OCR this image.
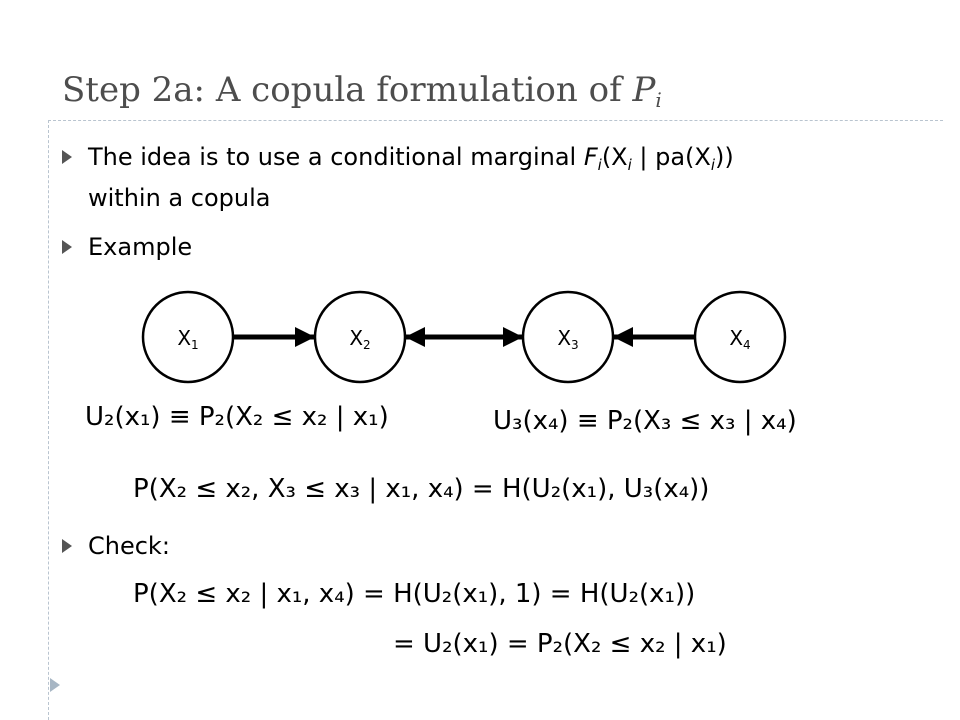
Step 2a: A copula formulation of $P_i$
The idea is to use a conditional marginal $F_i(X_i$ | $pa(X_i)$)
within a copula
Example
$X_1$	$X_2$	$X_3$	$X_4$
U₂(x₁) ≡ P₂(X₂ ≤ x₂ | x₁)	U₃(x₄) ≡ P₂(X₃ ≤ x₃ | x₄)
P(X₂ ≤ x₂, X₃ ≤ x₃ | x₁, x₄) = H(U₂(x₁), U₃(x₄))
Check:
P(X₂ ≤ x₂ | x₁, x₄) = H(U₂(x₁), 1) = H(U₂(x₁))
= U₂(x₁) = P₂(X₂ ≤ x₂ | x₁)
